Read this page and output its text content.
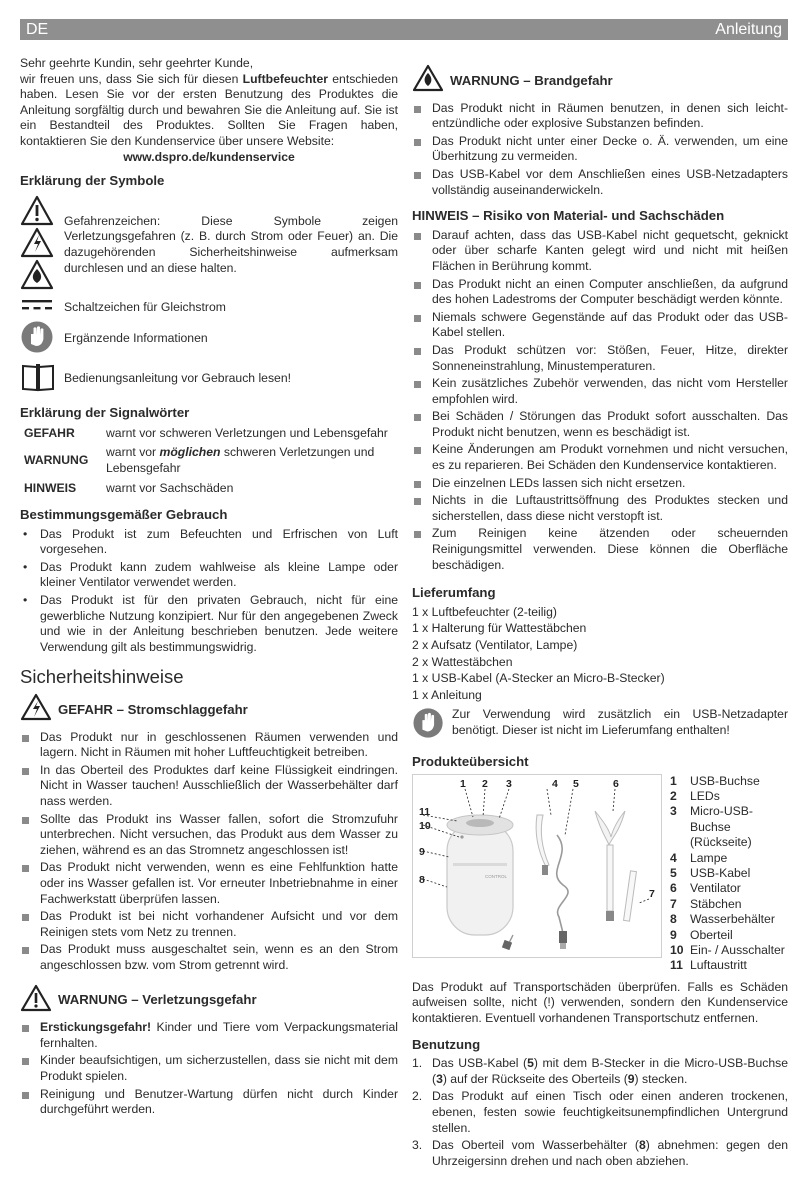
DE	Anleitung

Sehr geehrte Kundin, sehr geehrter Kunde,

wir freuen uns, dass Sie sich für diesen Luftbefeuchter entschieden haben. Lesen Sie vor der ersten Benutzung des Produktes die Anleitung sorgfältig durch und bewahren Sie die Anleitung auf. Sie ist ein Bestandteil des Produktes. Sollten Sie Fragen haben, kontaktieren Sie den Kundenservice über unsere Website:

www.dspro.de/kundenservice

Erklärung der Symbole
Gefahrenzeichen: Diese Symbole zeigen Verletzungsgefahren (z. B. durch Strom oder Feuer) an. Die dazugehörenden Sicherheitshinweise aufmerksam durchlesen und an diese halten.
Schaltzeichen für Gleichstrom
Ergänzende Informationen
Bedienungsanleitung vor Gebrauch lesen!
Erklärung der Signalwörter
GEFAHR	warnt vor schweren Verletzungen und Lebensgefahr
WARNUNG	warnt vor möglichen schweren Verletzungen und Lebensgefahr
HINWEIS	warnt vor Sachschäden
Bestimmungsgemäßer Gebrauch
• Das Produkt ist zum Befeuchten und Erfrischen von Luft vorgesehen.
• Das Produkt kann zudem wahlweise als kleine Lampe oder kleiner Ventilator verwendet werden.
• Das Produkt ist für den privaten Gebrauch, nicht für eine gewerbliche Nutzung konzipiert. Nur für den angegebenen Zweck und wie in der Anleitung beschrieben benutzen. Jede weitere Verwendung gilt als bestimmungswidrig.
Sicherheitshinweise
GEFAHR – Stromschlaggefahr
Das Produkt nur in geschlossenen Räumen verwenden und lagern. Nicht in Räumen mit hoher Luftfeuchtigkeit betreiben.
In das Oberteil des Produktes darf keine Flüssigkeit eindringen. Nicht in Wasser tauchen! Ausschließlich der Wasserbehälter darf nass werden.
Sollte das Produkt ins Wasser fallen, sofort die Stromzufuhr unterbrechen. Nicht versuchen, das Produkt aus dem Wasser zu ziehen, während es an das Stromnetz angeschlossen ist!
Das Produkt nicht verwenden, wenn es eine Fehlfunktion hatte oder ins Wasser gefallen ist. Vor erneuter Inbetriebnahme in einer Fachwerkstatt überprüfen lassen.
Das Produkt ist bei nicht vorhandener Aufsicht und vor dem Reinigen stets vom Netz zu trennen.
Das Produkt muss ausgeschaltet sein, wenn es an den Strom angeschlossen bzw. vom Strom getrennt wird.
WARNUNG – Verletzungsgefahr
Erstickungsgefahr! Kinder und Tiere vom Verpackungsmaterial fernhalten.
Kinder beaufsichtigen, um sicherzustellen, dass sie nicht mit dem Produkt spielen.
Reinigung und Benutzer-Wartung dürfen nicht durch Kinder durchgeführt werden.
WARNUNG – Brandgefahr
Das Produkt nicht in Räumen benutzen, in denen sich leichtentzündliche oder explosive Substanzen befinden.
Das Produkt nicht unter einer Decke o. Ä. verwenden, um eine Überhitzung zu vermeiden.
Das USB-Kabel vor dem Anschließen eines USB-Netzadapters vollständig auseinanderwickeln.
HINWEIS – Risiko von Material- und Sachschäden
Darauf achten, dass das USB-Kabel nicht gequetscht, geknickt oder über scharfe Kanten gelegt wird und nicht mit heißen Flächen in Berührung kommt.
Das Produkt nicht an einen Computer anschließen, da aufgrund des hohen Ladestroms der Computer beschädigt werden könnte.
Niemals schwere Gegenstände auf das Produkt oder das USB-Kabel stellen.
Das Produkt schützen vor: Stößen, Feuer, Hitze, direkter Sonneneinstrahlung, Minustemperaturen.
Kein zusätzliches Zubehör verwenden, das nicht vom Hersteller empfohlen wird.
Bei Schäden / Störungen das Produkt sofort ausschalten. Das Produkt nicht benutzen, wenn es beschädigt ist.
Keine Änderungen am Produkt vornehmen und nicht versuchen, es zu reparieren. Bei Schäden den Kundenservice kontaktieren.
Die einzelnen LEDs lassen sich nicht ersetzen.
Nichts in die Luftaustrittsöffnung des Produktes stecken und sicherstellen, dass diese nicht verstopft ist.
Zum Reinigen keine ätzenden oder scheuernden Reinigungsmittel verwenden. Diese können die Oberfläche beschädigen.
Lieferumfang
1 x Luftbefeuchter (2-teilig)
1 x Halterung für Wattestäbchen
2 x Aufsatz (Ventilator, Lampe)
2 x Wattestäbchen
1 x USB-Kabel (A-Stecker an Micro-B-Stecker)
1 x Anleitung
Zur Verwendung wird zusätzlich ein USB-Netzadapter benötigt. Dieser ist nicht im Lieferumfang enthalten!
Produkteübersicht
CONTROL
1 2 3	4 5	6
7
8
9
10
11
1	USB-Buchse
2	LEDs
3	Micro-USB-Buchse (Rückseite)
4	Lampe
5	USB-Kabel
6	Ventilator
7	Stäbchen
8	Wasserbehälter
9	Oberteil
10 Ein- / Ausschalter
11 Luftaustritt

Das Produkt auf Transportschäden überprüfen. Falls es Schäden aufweisen sollte, nicht (!) verwenden, sondern den Kundenservice kontaktieren. Eventuell vorhandenen Transportschutz entfernen.

Benutzung
1. Das USB-Kabel (5) mit dem B-Stecker in die Micro-USB-Buchse (3) auf der Rückseite des Oberteils (9) stecken.
2. Das Produkt auf einen Tisch oder einen anderen trockenen, ebenen, festen sowie feuchtigkeitsunempfindlichen Untergrund stellen.
3. Das Oberteil vom Wasserbehälter (8) abnehmen: gegen den Uhrzeigersinn drehen und nach oben abziehen.
